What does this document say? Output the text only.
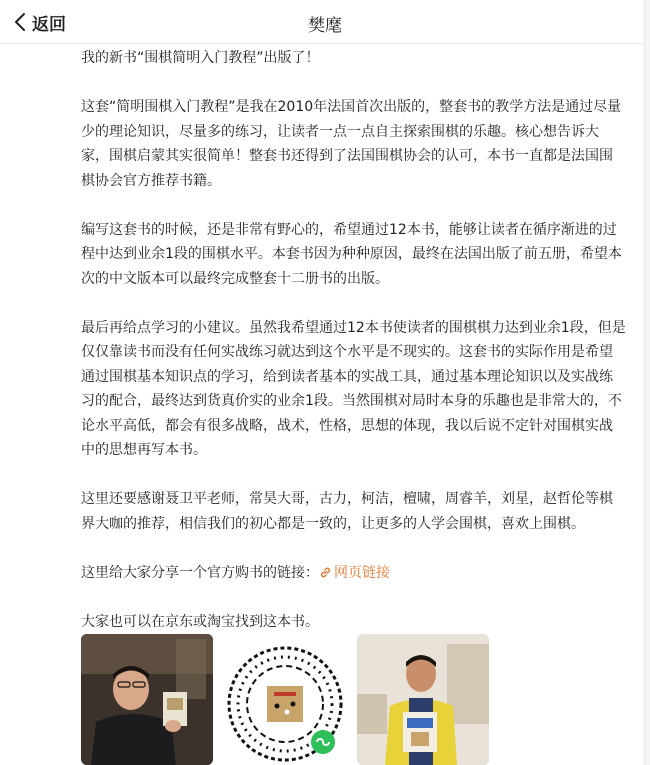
返回	樊麾

我的新书“围棋简明入门教程”出版了！

这套“简明围棋入门教程”是我在2010年法国首次出版的，整套书的教学方法是通过尽量少的理论知识，尽量多的练习，让读者一点一点自主探索围棋的乐趣。核心想告诉大家，围棋启蒙其实很简单！整套书还得到了法国围棋协会的认可，本书一直都是法国围棋协会官方推荐书籍。

编写这套书的时候，还是非常有野心的，希望通过12本书，能够让读者在循序渐进的过程中达到业余1段的围棋水平。本套书因为种种原因，最终在法国出版了前五册，希望本次的中文版本可以最终完成整套十二册书的出版。

最后再给点学习的小建议。虽然我希望通过12本书使读者的围棋棋力达到业余1段，但是仅仅靠读书而没有任何实战练习就达到这个水平是不现实的。这套书的实际作用是希望通过围棋基本知识点的学习，给到读者基本的实战工具，通过基本理论知识以及实战练习的配合，最终达到货真价实的业余1段。当然围棋对局时本身的乐趣也是非常大的，不论水平高低，都会有很多战略，战术，性格，思想的体现，我以后说不定针对围棋实战中的思想再写本书。

这里还要感谢聂卫平老师，常昊大哥，古力，柯洁，檀啸，周睿羊，刘星，赵哲伦等棋界大咖的推荐，相信我们的初心都是一致的，让更多的人学会围棋，喜欢上围棋。

这里给大家分享一个官方购书的链接： 网页链接

大家也可以在京东或淘宝找到这本书。
